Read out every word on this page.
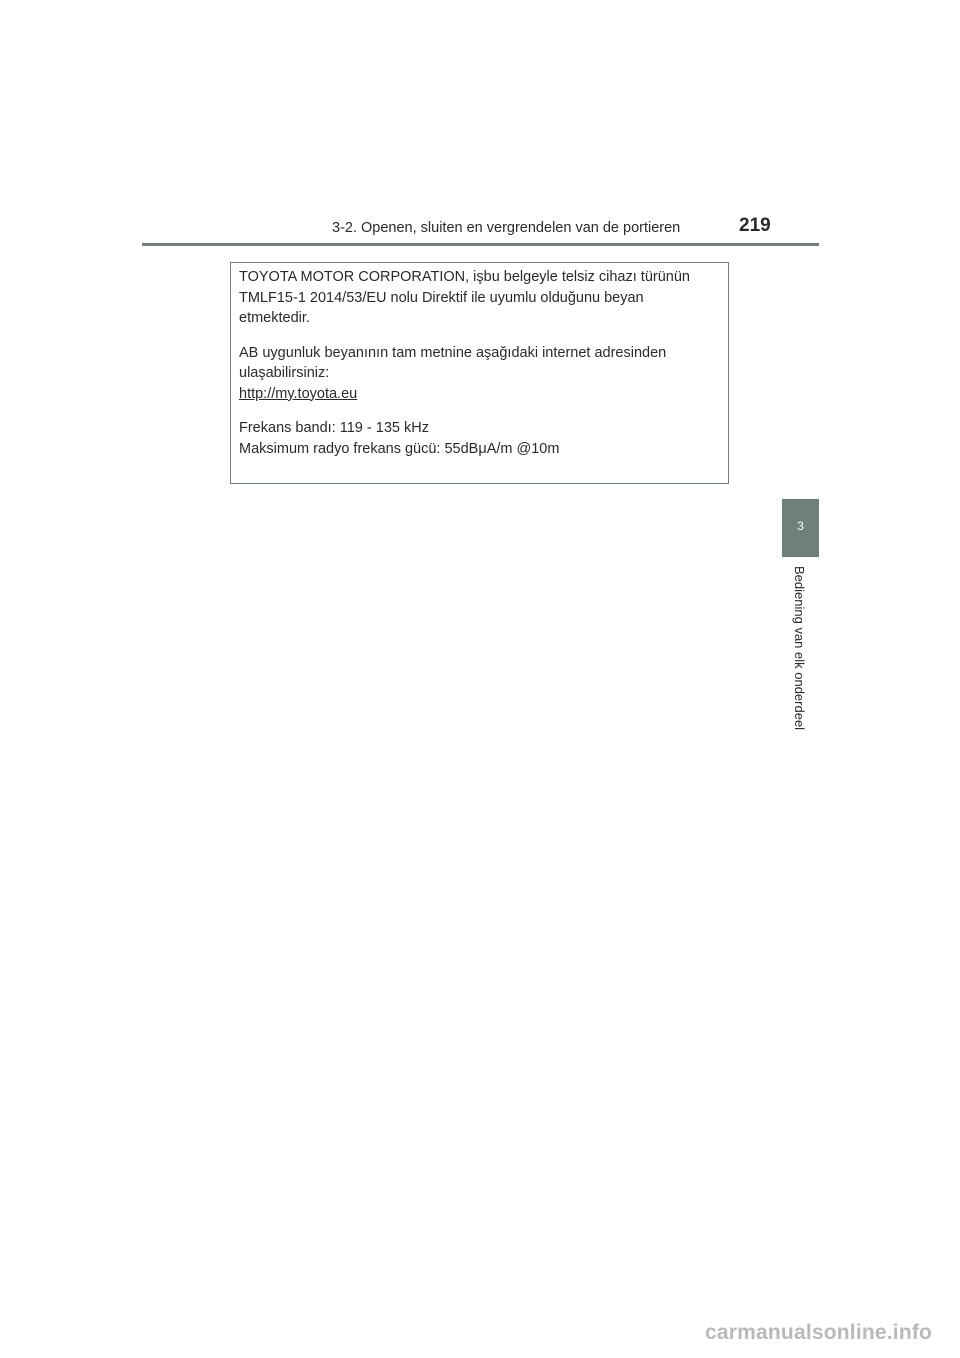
3-2. Openen, sluiten en vergrendelen van de portieren	219
3
Bediening van elk onderdeel

TOYOTA MOTOR CORPORATION, işbu belgeyle telsiz cihazı türünün

TMLF15-1 2014/53/EU nolu Direktif ile uyumlu olduğunu beyan

etmektedir.

AB uygunluk beyanının tam metnine aşağıdaki internet adresinden

ulaşabilirsiniz:

http://my.toyota.eu

Frekans bandı: 119 - 135 kHz

Maksimum radyo frekans gücü: 55dBμA/m @10m

carmanualsonline.info
